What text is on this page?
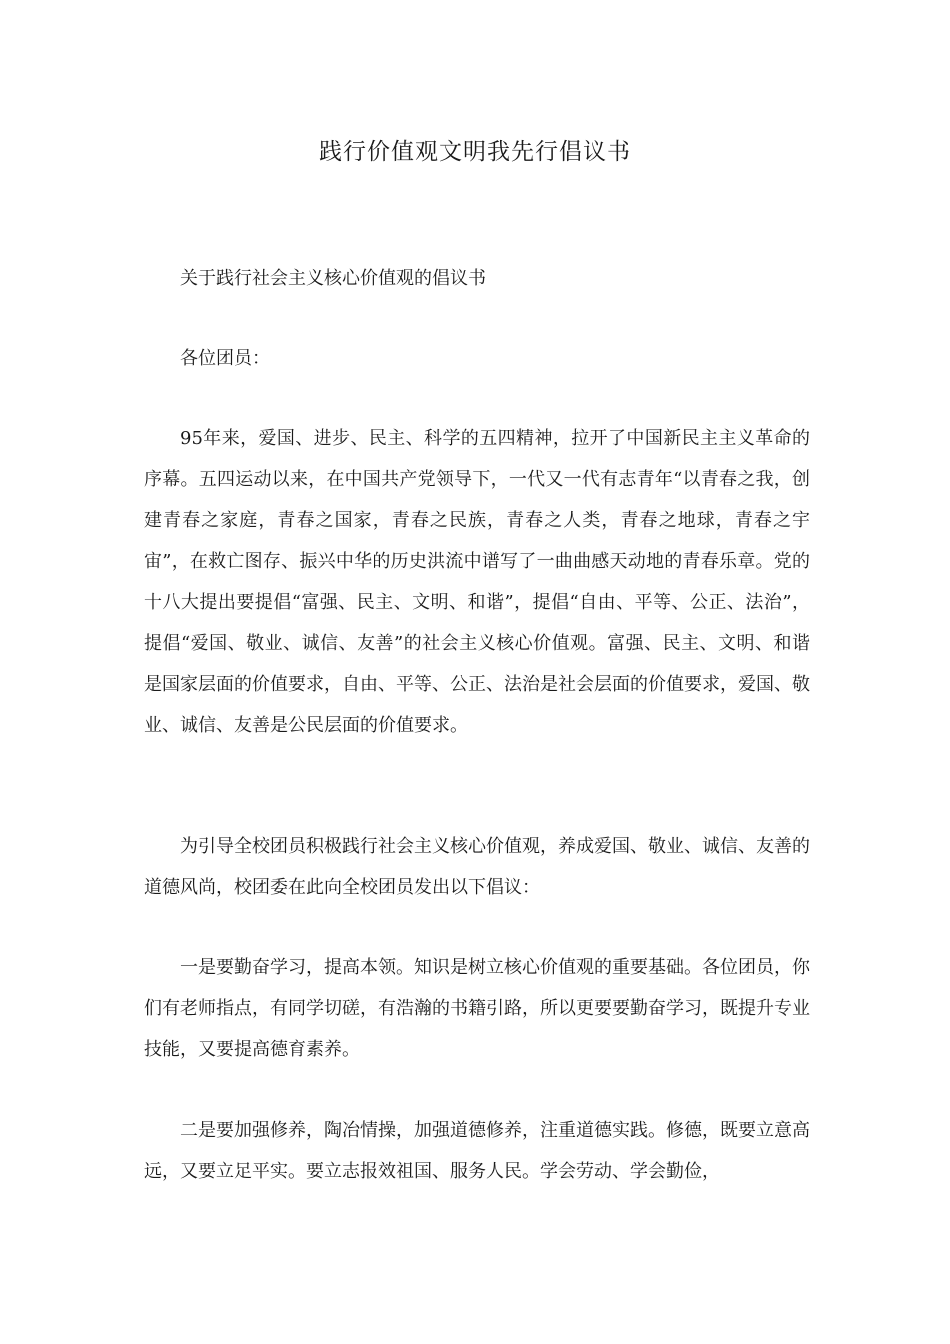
践行价值观文明我先行倡议书

关于践行社会主义核心价值观的倡议书

各位团员：

95年来，爱国、进步、民主、科学的五四精神，拉开了中国新民主主义革命的序幕。五四运动以来，在中国共产党领导下，一代又一代有志青年“以青春之我，创建青春之家庭，青春之国家，青春之民族，青春之人类，青春之地球，青春之宇宙”，在救亡图存、振兴中华的历史洪流中谱写了一曲曲感天动地的青春乐章。党的十八大提出要提倡“富强、民主、文明、和谐”，提倡“自由、平等、公正、法治”，提倡“爱国、敬业、诚信、友善”的社会主义核心价值观。富强、民主、文明、和谐是国家层面的价值要求，自由、平等、公正、法治是社会层面的价值要求，爱国、敬业、诚信、友善是公民层面的价值要求。

为引导全校团员积极践行社会主义核心价值观，养成爱国、敬业、诚信、友善的道德风尚，校团委在此向全校团员发出以下倡议：

一是要勤奋学习，提高本领。知识是树立核心价值观的重要基础。各位团员，你们有老师指点，有同学切磋，有浩瀚的书籍引路，所以更要要勤奋学习，既提升专业技能，又要提高德育素养。

二是要加强修养，陶冶情操，加强道德修养，注重道德实践。修德，既要立意高远，又要立足平实。要立志报效祖国、服务人民。学会劳动、学会勤俭，
